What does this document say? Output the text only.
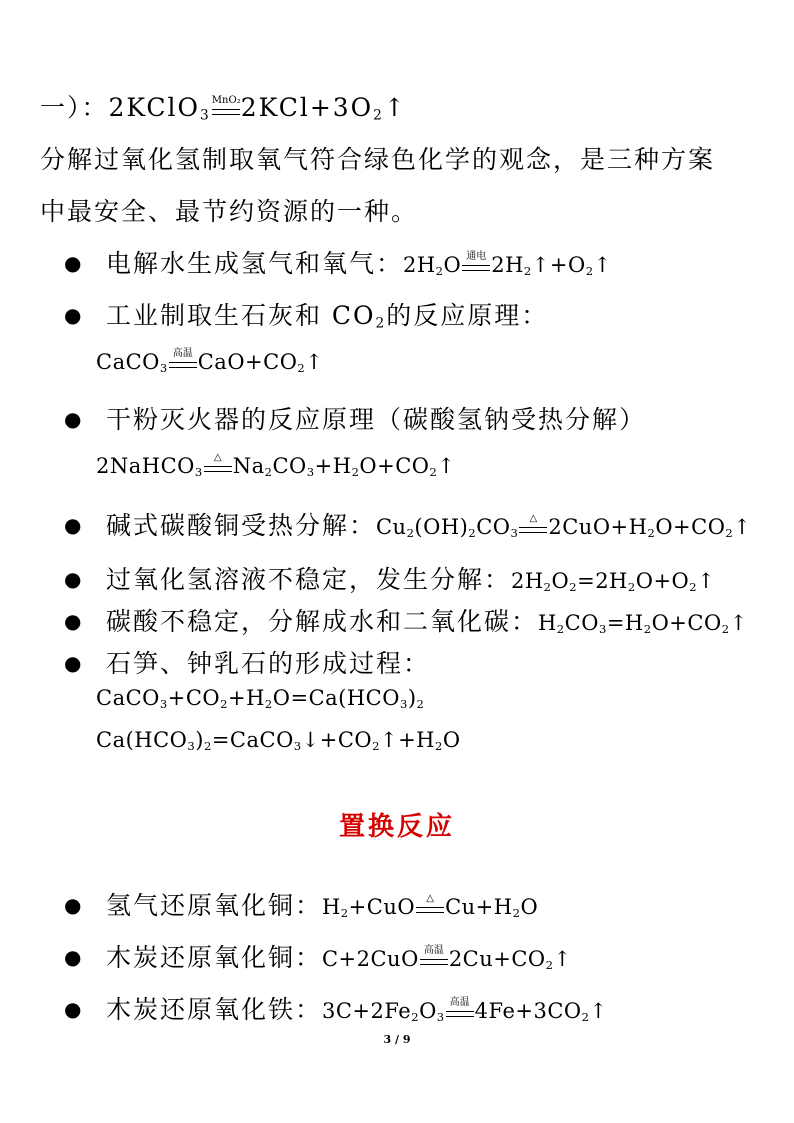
一）：2KClO$_3$
MnO₂ $2KCl+3O_2↑$
分解过氧化氢制取氧气符合绿色化学的观念，是三种方案
中最安全、最节约资源的一种。
● 电解水生成氢气和氧气：$2H_2O$ 通电 $2H_2↑+O_2↑$
● 工业制取生石灰和 $CO_2$的反应原理：
CaCO$_3$
高温 $CaO+CO_2↑$
● 干粉灭火器的反应原理（碳酸氢钠受热分解）
2NaHCO$_3$
△ $Na_2CO_3+H_2O+CO_2↑$
● 碱式碳酸铜受热分解：$Cu_2(OH)_2CO_3$
△ $2CuO+H_2O+CO_2↑$
● 过氧化氢溶液不稳定，发生分解：$2H_2O_2=2H_2O+O_2↑$
● 碳酸不稳定，分解成水和二氧化碳：$H_2CO_3=H_2O+CO_2↑$
● 石笋、钟乳石的形成过程：
$CaCO_3+CO_2+H_2O=Ca(HCO_3)_2$
$Ca(HCO_3)_2=CaCO_3↓+CO_2↑+H_2O$
置换反应
● 氢气还原氧化铜：$H_2+CuO$	△ $Cu+H_2O$
● 木炭还原氧化铜：C+2CuO 高温 $2Cu+CO_2↑$
● 木炭还原氧化铁：$3C+2Fe_2O_3$
高温 $4Fe+3CO_2↑$
3 / 9
